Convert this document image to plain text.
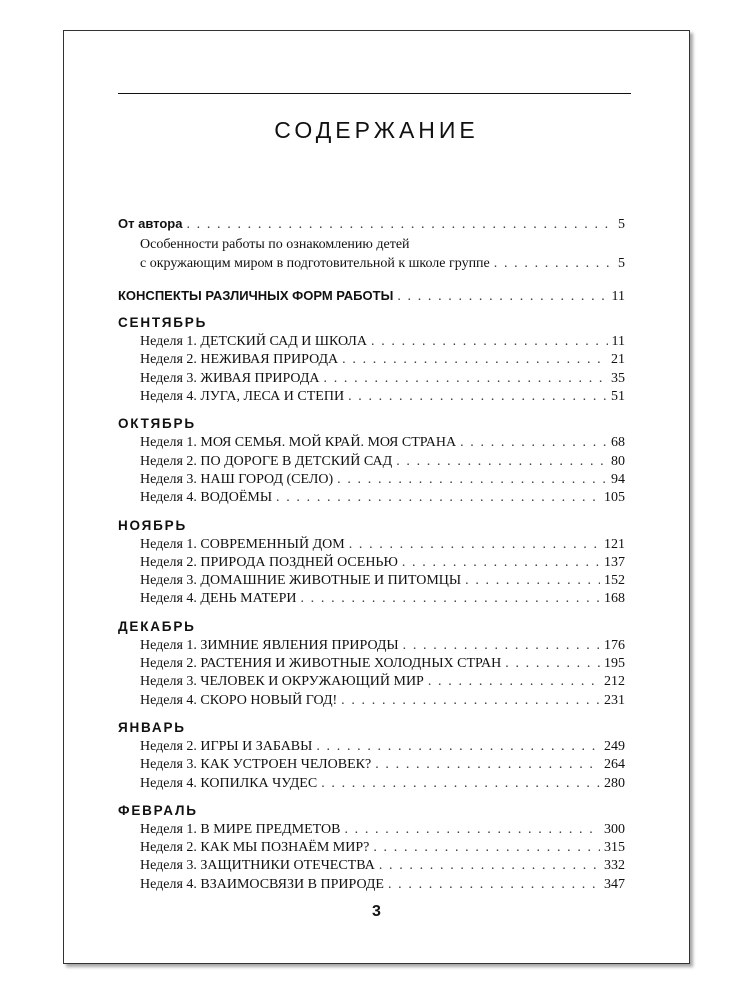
СОДЕРЖАНИЕ
От автора . . .	5
Особенности работы по ознакомлению детей
с окружающим миром в подготовительной к школе группе . . .	5
КОНСПЕКТЫ РАЗЛИЧНЫХ ФОРМ РАБОТЫ . . .	11
СЕНТЯБРЬ
Неделя 1. ДЕТСКИЙ САД И ШКОЛА . . .	11
Неделя 2. НЕЖИВАЯ ПРИРОДА . . .	21
Неделя 3. ЖИВАЯ ПРИРОДА . . .	35
Неделя 4. ЛУГА, ЛЕСА И СТЕПИ . . .	51
ОКТЯБРЬ
Неделя 1. МОЯ СЕМЬЯ. МОЙ КРАЙ. МОЯ СТРАНА . . .	68
Неделя 2. ПО ДОРОГЕ В ДЕТСКИЙ САД . . .	80
Неделя 3. НАШ ГОРОД (СЕЛО) . . .	94
Неделя 4. ВОДОЁМЫ . . .	105
НОЯБРЬ
Неделя 1. СОВРЕМЕННЫЙ ДОМ . . .	121
Неделя 2. ПРИРОДА ПОЗДНЕЙ ОСЕНЬЮ . . .	137
Неделя 3. ДОМАШНИЕ ЖИВОТНЫЕ И ПИТОМЦЫ . . .	152
Неделя 4. ДЕНЬ МАТЕРИ . . .	168
ДЕКАБРЬ
Неделя 1. ЗИМНИЕ ЯВЛЕНИЯ ПРИРОДЫ . . .	176
Неделя 2. РАСТЕНИЯ И ЖИВОТНЫЕ ХОЛОДНЫХ СТРАН . . .	195
Неделя 3. ЧЕЛОВЕК И ОКРУЖАЮЩИЙ МИР . . .	212
Неделя 4. СКОРО НОВЫЙ ГОД! . . .	231
ЯНВАРЬ
Неделя 2. ИГРЫ И ЗАБАВЫ . . .	249
Неделя 3. КАК УСТРОЕН ЧЕЛОВЕК? . . .	264
Неделя 4. КОПИЛКА ЧУДЕС . . .	280
ФЕВРАЛЬ
Неделя 1. В МИРЕ ПРЕДМЕТОВ . . .	300
Неделя 2. КАК МЫ ПОЗНАЁМ МИР? . . .	315
Неделя 3. ЗАЩИТНИКИ ОТЕЧЕСТВА . . .	332
Неделя 4. ВЗАИМОСВЯЗИ В ПРИРОДЕ . . .	347
3
